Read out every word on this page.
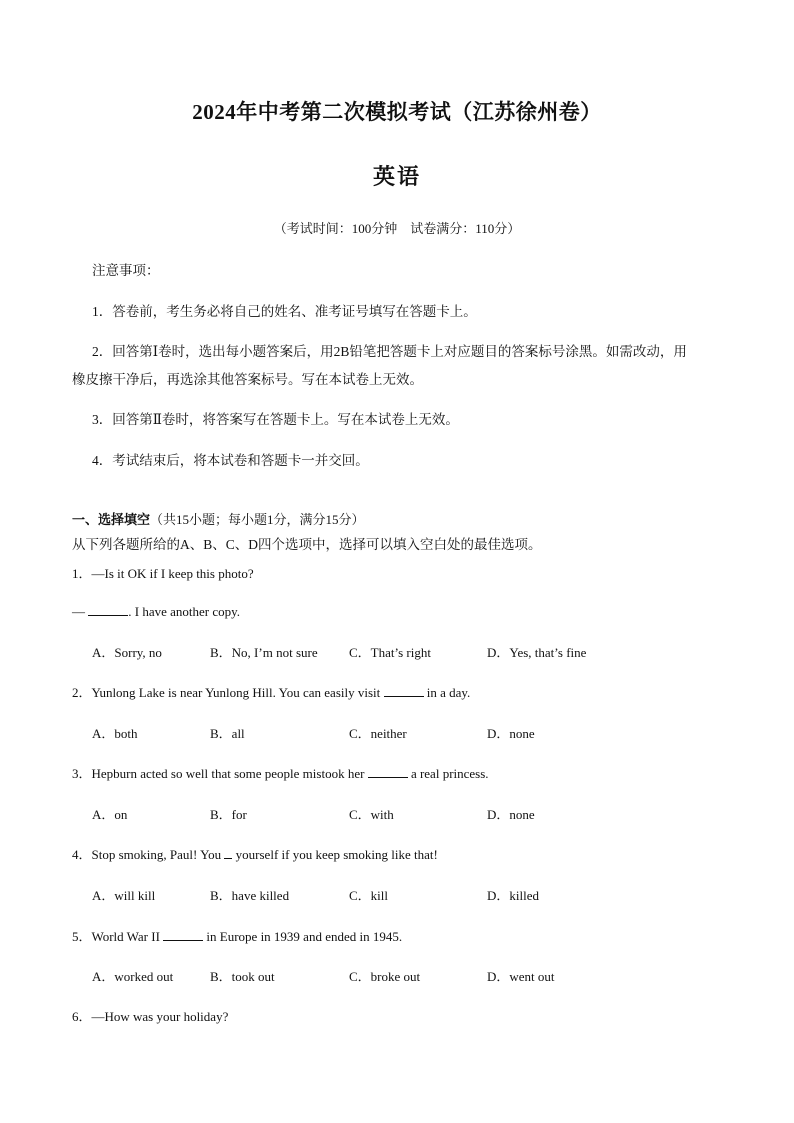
2024年中考第二次模拟考试（江苏徐州卷）
英语
（考试时间：100分钟　试卷满分：110分）
注意事项：
1．答卷前，考生务必将自己的姓名、准考证号填写在答题卡上。
2．回答第Ⅰ卷时，选出每小题答案后，用2B铅笔把答题卡上对应题目的答案标号涂黑。如需改动，用
橡皮擦干净后，再选涂其他答案标号。写在本试卷上无效。
3．回答第Ⅱ卷时，将答案写在答题卡上。写在本试卷上无效。
4．考试结束后，将本试卷和答题卡一并交回。
一、选择填空（共15小题；每小题1分，满分15分）
从下列各题所给的A、B、C、D四个选项中，选择可以填入空白处的最佳选项。
1．—Is it OK if I keep this photo?
—	. I have another copy.
A．Sorry, no	B．No, I’m not sure C．That’s right	D．Yes, that’s fine
2．Yunlong Lake is near Yunlong Hill. You can easily visit	in a day.
A．both	B．all	C．neither	D．none
3．Hepburn acted so well that some people mistook her	a real princess.
A．on	B．for	C．with	D．none
4．Stop smoking, Paul! You  yourself if you keep smoking like that!
A．will kill	B．have killed	C．kill	D．killed
5．World War II	in Europe in 1939 and ended in 1945.
A．worked out	B．took out	C．broke out	D．went out
6．—How was your holiday?
